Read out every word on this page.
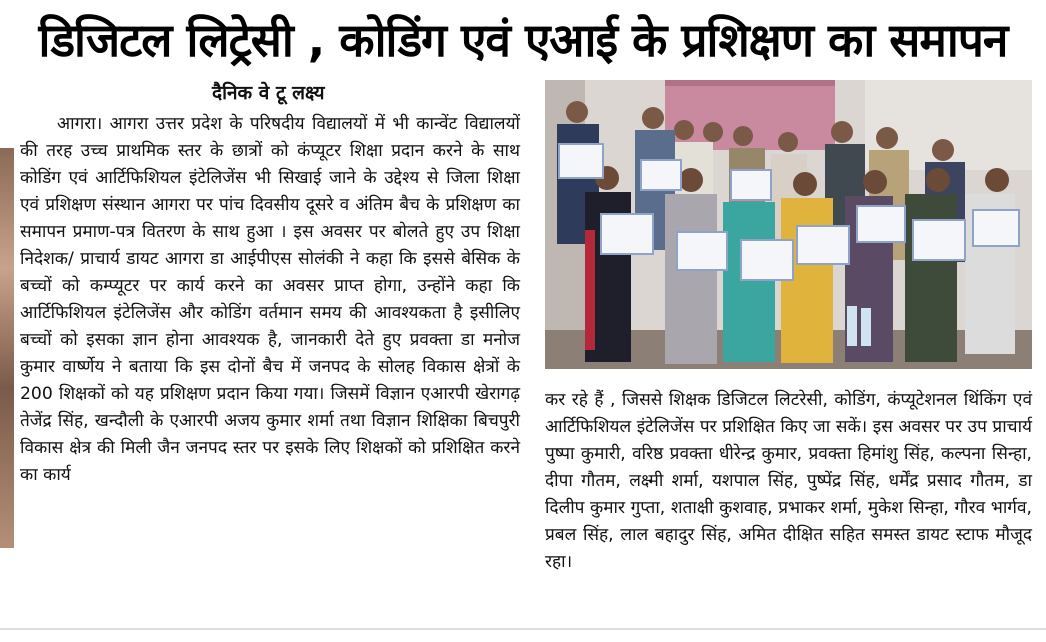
डिजिटल लिट्रेसी , कोडिंग एवं एआई के प्रशिक्षण का समापन
दैनिक वे टू लक्ष्य

आगरा। आगरा उत्तर प्रदेश के परिषदीय विद्यालयों में भी कान्वेंट विद्यालयों की तरह उच्च प्राथमिक स्तर के छात्रों को कंप्यूटर शिक्षा प्रदान करने के साथ कोडिंग एवं आर्टिफिशियल इंटेलिजेंस भी सिखाई जाने के उद्देश्य से जिला शिक्षा एवं प्रशिक्षण संस्थान आगरा पर पांच दिवसीय दूसरे व अंतिम बैच के प्रशिक्षण का समापन प्रमाण-पत्र वितरण के साथ हुआ । इस अवसर पर बोलते हुए उप शिक्षा निदेशक/ प्राचार्य डायट आगरा डा आईपीएस सोलंकी ने कहा कि इससे बेसिक के बच्चों को कम्प्यूटर पर कार्य करने का अवसर प्राप्त होगा, उन्होंने कहा कि आर्टिफिशियल इंटेलिजेंस और कोडिंग वर्तमान समय की आवश्यकता है इसीलिए बच्चों को इसका ज्ञान होना आवश्यक है, जानकारी देते हुए प्रवक्ता डा मनोज कुमार वार्ष्णेय ने बताया कि इस दोनों बैच में जनपद के सोलह विकास क्षेत्रों के 200 शिक्षकों को यह प्रशिक्षण प्रदान किया गया। जिसमें विज्ञान एआरपी खेरागढ़ तेजेंद्र सिंह, खन्दौली के एआरपी अजय कुमार शर्मा तथा विज्ञान शिक्षिका बिचपुरी विकास क्षेत्र की मिली जैन जनपद स्तर पर इसके लिए शिक्षकों को प्रशिक्षित करने का कार्य

कर रहे हैं , जिससे शिक्षक डिजिटल लिटरेसी, कोडिंग, कंप्यूटेशनल थिंकिंग एवं आर्टिफिशियल इंटेलिजेंस पर प्रशिक्षित किए जा सकें। इस अवसर पर उप प्राचार्य पुष्पा कुमारी, वरिष्ठ प्रवक्ता धीरेन्द्र कुमार, प्रवक्ता हिमांशु सिंह, कल्पना सिन्हा, दीपा गौतम, लक्ष्मी शर्मा, यशपाल सिंह, पुष्पेंद्र सिंह, धर्मेंद्र प्रसाद गौतम, डा दिलीप कुमार गुप्ता, शताक्षी कुशवाह, प्रभाकर शर्मा, मुकेश सिन्हा, गौरव भार्गव, प्रबल सिंह, लाल बहादुर सिंह, अमित दीक्षित सहित समस्त डायट स्टाफ मौजूद रहा।
